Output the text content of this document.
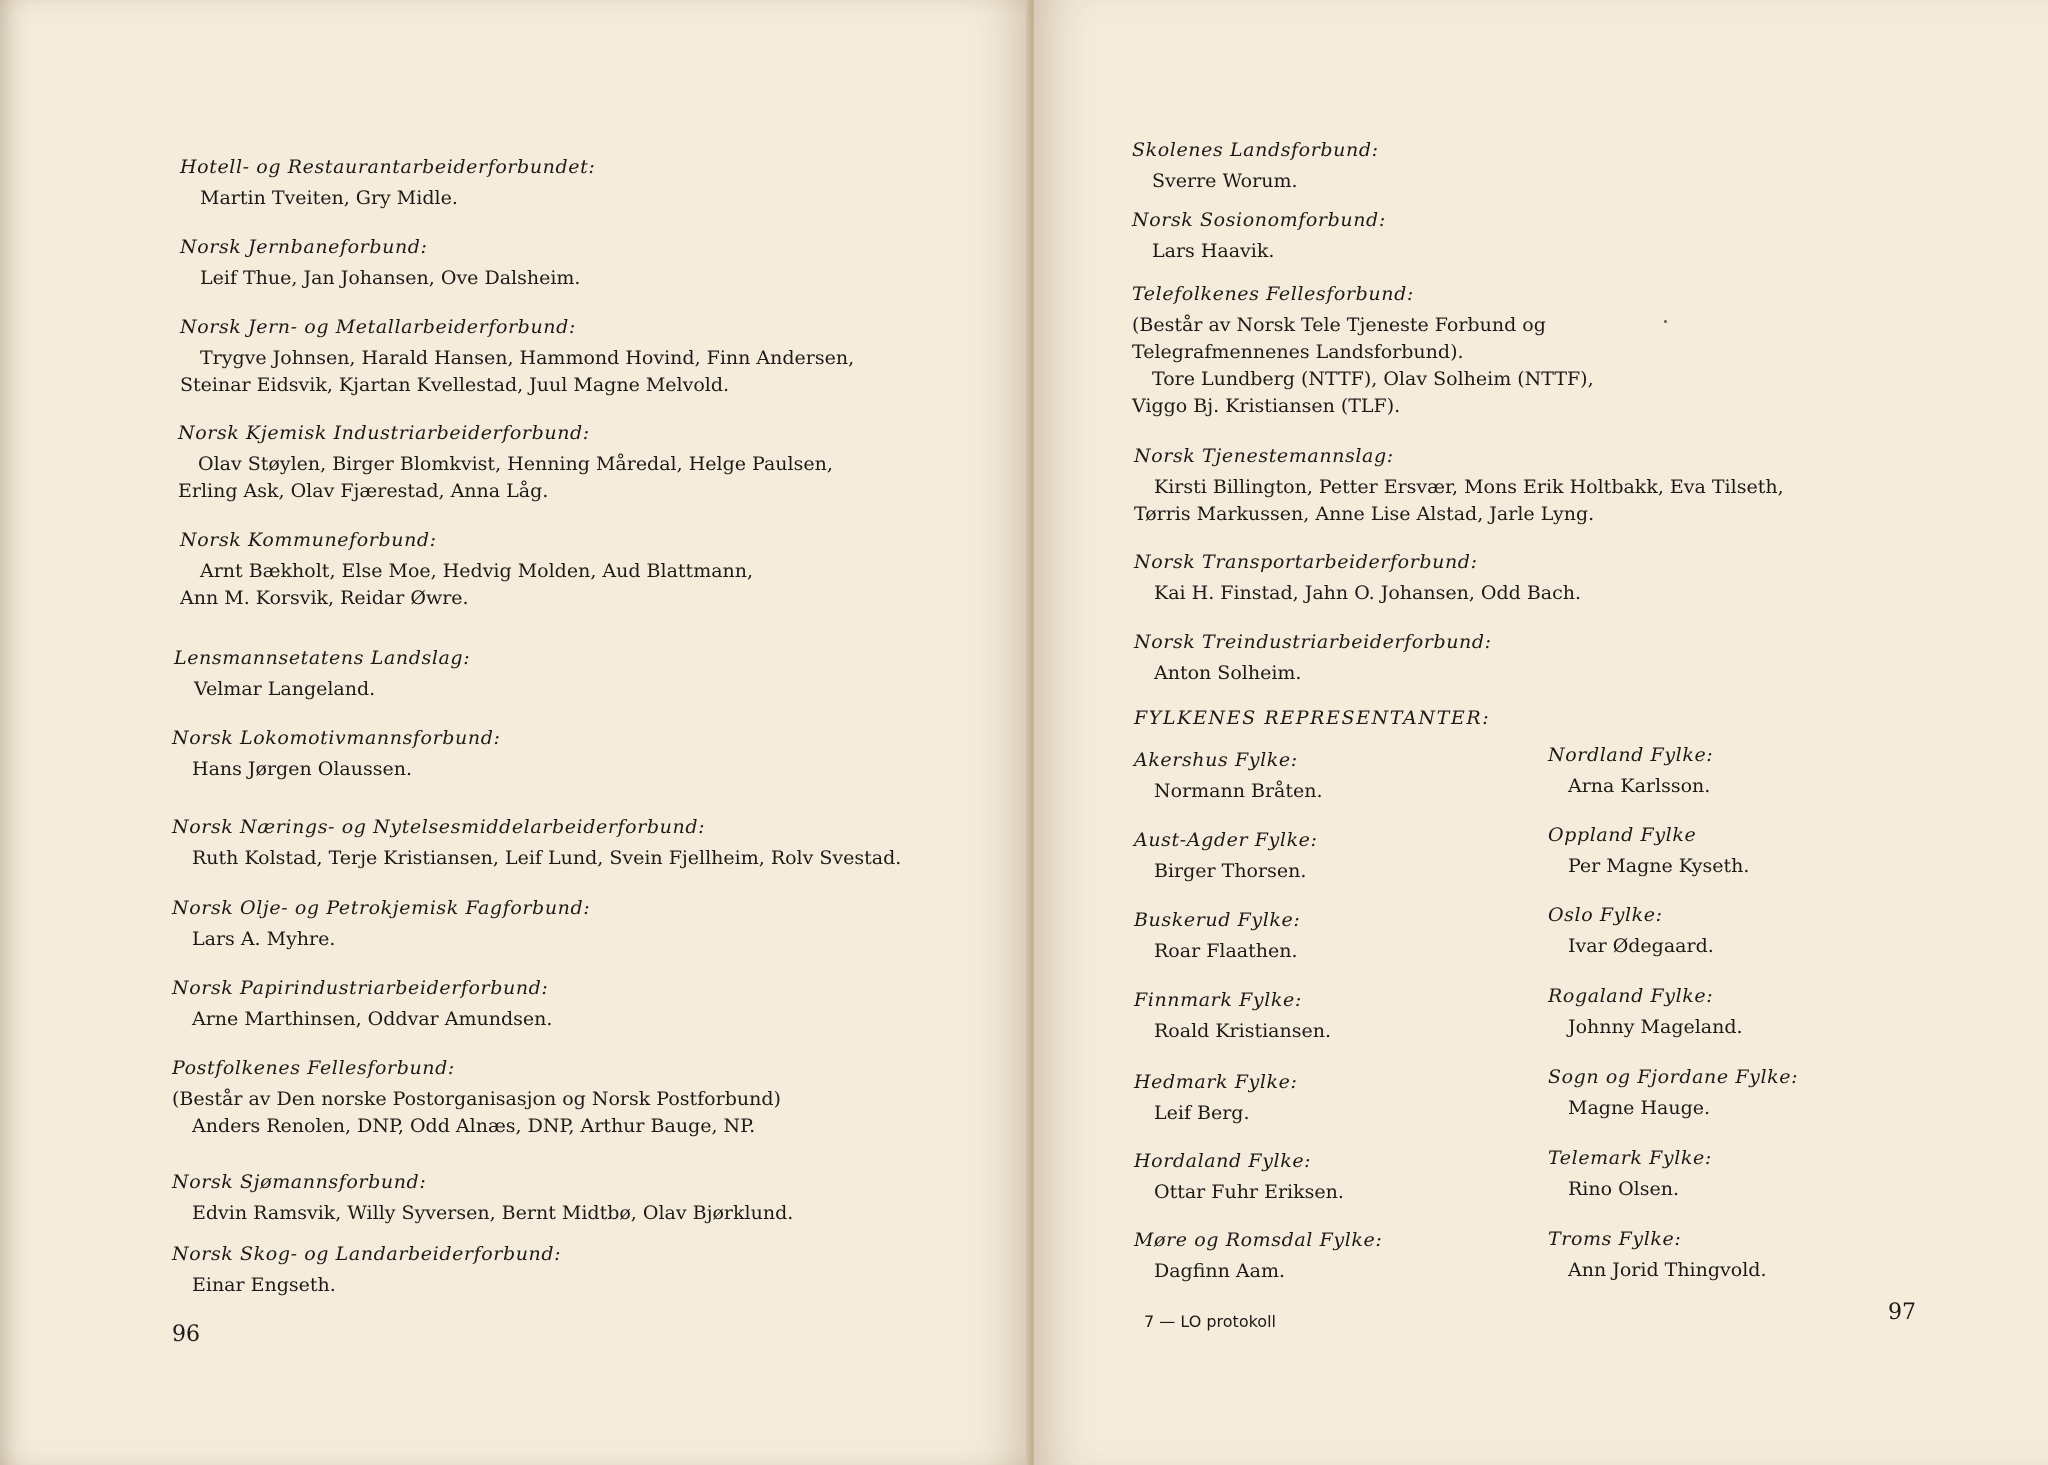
Hotell- og Restaurantarbeiderforbundet:
Martin Tveiten, Gry Midle.
Norsk Jernbaneforbund:
Leif Thue, Jan Johansen, Ove Dalsheim.
Norsk Jern- og Metallarbeiderforbund:
Trygve Johnsen, Harald Hansen, Hammond Hovind, Finn Andersen,
Steinar Eidsvik, Kjartan Kvellestad, Juul Magne Melvold.
Norsk Kjemisk Industriarbeiderforbund:
Olav Støylen, Birger Blomkvist, Henning Måredal, Helge Paulsen,
Erling Ask, Olav Fjærestad, Anna Låg.
Norsk Kommuneforbund:
Arnt Bækholt, Else Moe, Hedvig Molden, Aud Blattmann,
Ann M. Korsvik, Reidar Øwre.
Lensmannsetatens Landslag:
Velmar Langeland.
Norsk Lokomotivmannsforbund:
Hans Jørgen Olaussen.
Norsk Nærings- og Nytelsesmiddelarbeiderforbund:
Ruth Kolstad, Terje Kristiansen, Leif Lund, Svein Fjellheim, Rolv Svestad.
Norsk Olje- og Petrokjemisk Fagforbund:
Lars A. Myhre.
Norsk Papirindustriarbeiderforbund:
Arne Marthinsen, Oddvar Amundsen.
Postfolkenes Fellesforbund:
(Består av Den norske Postorganisasjon og Norsk Postforbund)
Anders Renolen, DNP, Odd Alnæs, DNP, Arthur Bauge, NP.
Norsk Sjømannsforbund:
Edvin Ramsvik, Willy Syversen, Bernt Midtbø, Olav Bjørklund.
Norsk Skog- og Landarbeiderforbund:
Einar Engseth.
96
Skolenes Landsforbund:
Sverre Worum.
Norsk Sosionomforbund:
Lars Haavik.
Telefolkenes Fellesforbund:
(Består av Norsk Tele Tjeneste Forbund og
Telegrafmennenes Landsforbund).
Tore Lundberg (NTTF), Olav Solheim (NTTF),
Viggo Bj. Kristiansen (TLF).
Norsk Tjenestemannslag:
Kirsti Billington, Petter Ersvær, Mons Erik Holtbakk, Eva Tilseth,
Tørris Markussen, Anne Lise Alstad, Jarle Lyng.
Norsk Transportarbeiderforbund:
Kai H. Finstad, Jahn O. Johansen, Odd Bach.
Norsk Treindustriarbeiderforbund:
Anton Solheim.
FYLKENES REPRESENTANTER:
Akershus Fylke:
Normann Bråten.
Aust-Agder Fylke:
Birger Thorsen.
Buskerud Fylke:
Roar Flaathen.
Finnmark Fylke:
Roald Kristiansen.
Hedmark Fylke:
Leif Berg.
Hordaland Fylke:
Ottar Fuhr Eriksen.
Møre og Romsdal Fylke:
Dagfinn Aam.
Nordland Fylke:
Arna Karlsson.
Oppland Fylke
Per Magne Kyseth.
Oslo Fylke:
Ivar Ødegaard.
Rogaland Fylke:
Johnny Mageland.
Sogn og Fjordane Fylke:
Magne Hauge.
Telemark Fylke:
Rino Olsen.
Troms Fylke:
Ann Jorid Thingvold.
7 — LO protokoll	97
